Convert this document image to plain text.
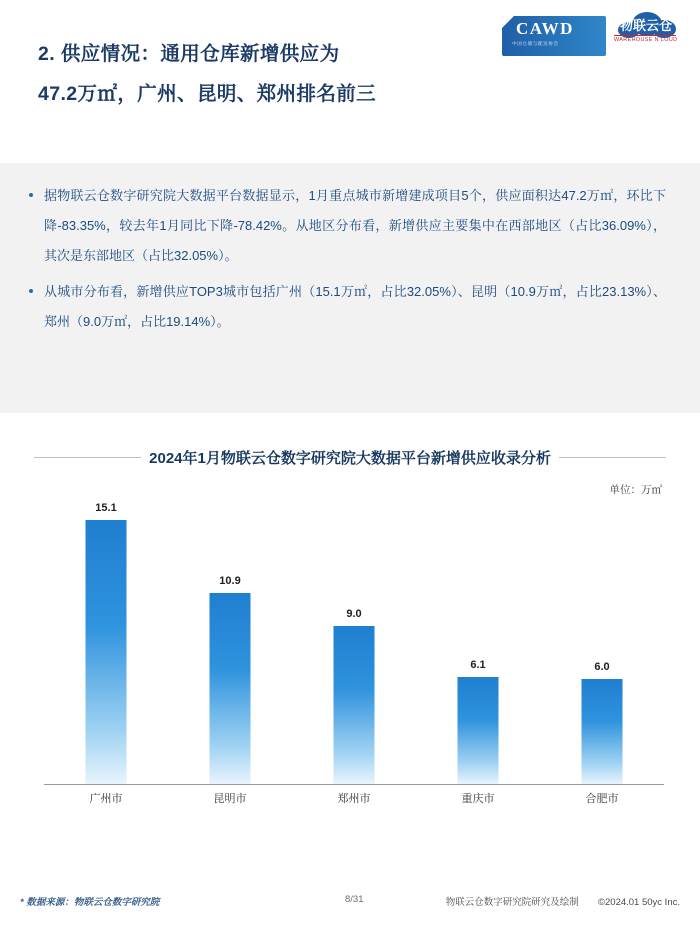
2. 供应情况：通用仓库新增供应为
47.2万㎡，广州、昆明、郑州排名前三
CAWD
中国仓储与配送协会
物联云仓
WAREHOUSE N LOUD
据物联云仓数字研究院大数据平台数据显示，1月重点城市新增建成项目5个，供应面积达47.2万㎡，环比下降-83.35%，较去年1月同比下降-78.42%。从地区分布看，新增供应主要集中在西部地区（占比36.09%），其次是东部地区（占比32.05%）。
从城市分布看，新增供应TOP3城市包括广州（15.1万㎡，占比32.05%）、昆明（10.9万㎡，占比23.13%）、郑州（9.0万㎡，占比19.14%）。
2024年1月物联云仓数字研究院大数据平台新增供应收录分析
单位：万㎡
15.1
10.9
9.0
6.1	6.0
广州市	昆明市	郑州市	重庆市	合肥市
* 数据来源：物联云仓数字研究院	8/31	物联云仓数字研究院研究及绘制 ©2024.01 50yc Inc.
